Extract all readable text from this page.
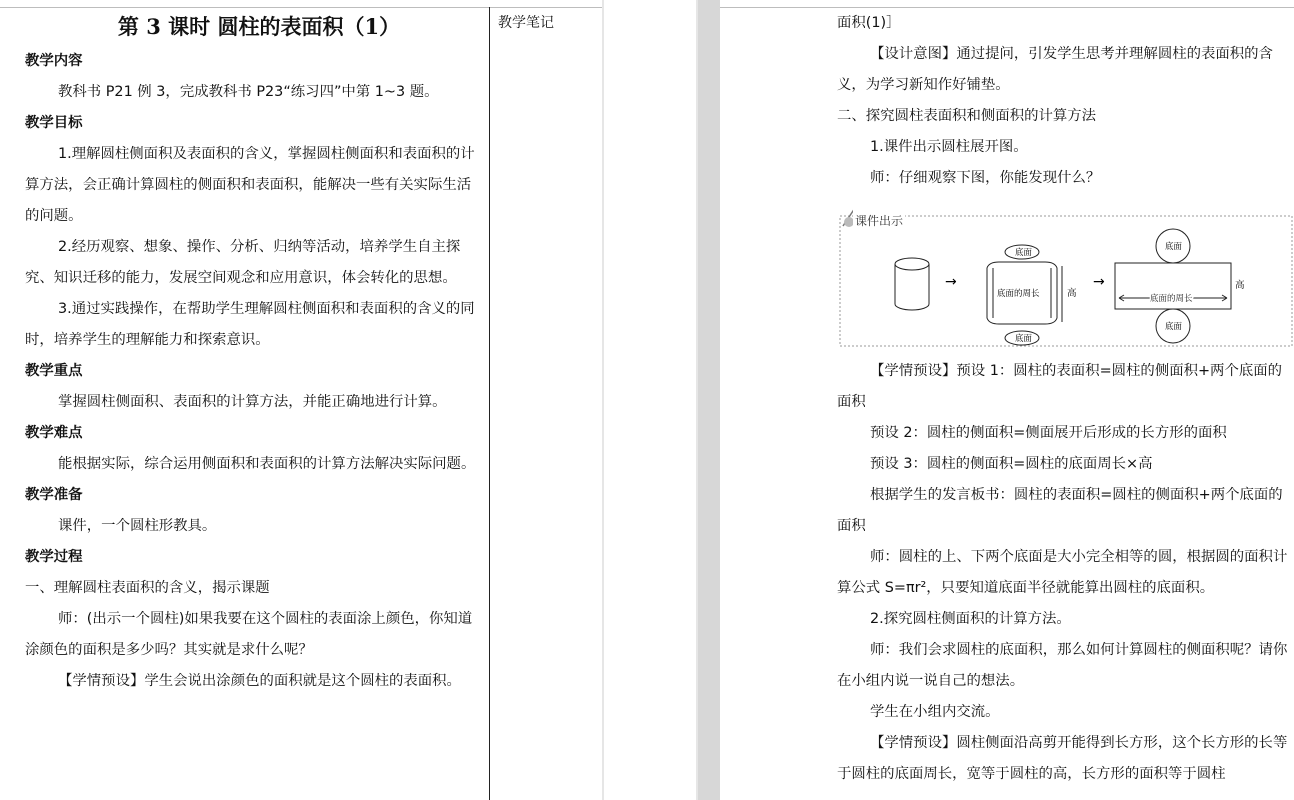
教学笔记
第 3 课时 圆柱的表面积（1）
教学内容
教科书 P21 例 3，完成教科书 P23“练习四”中第 1~3 题。
教学目标
1.理解圆柱侧面积及表面积的含义，掌握圆柱侧面积和表面积的计算方法，会正确计算圆柱的侧面积和表面积，能解决一些有关实际生活的问题。
2.经历观察、想象、操作、分析、归纳等活动，培养学生自主探究、知识迁移的能力，发展空间观念和应用意识，体会转化的思想。
3.通过实践操作，在帮助学生理解圆柱侧面积和表面积的含义的同时，培养学生的理解能力和探索意识。
教学重点
掌握圆柱侧面积、表面积的计算方法，并能正确地进行计算。
教学难点
能根据实际，综合运用侧面积和表面积的计算方法解决实际问题。
教学准备
课件，一个圆柱形教具。
教学过程
一、理解圆柱表面积的含义，揭示课题
师：(出示一个圆柱)如果我要在这个圆柱的表面涂上颜色，你知道涂颜色的面积是多少吗？其实就是求什么呢？
【学情预设】学生会说出涂颜色的面积就是这个圆柱的表面积。
面积(1)］
【设计意图】通过提问，引发学生思考并理解圆柱的表面积的含义，为学习新知作好铺垫。
二、探究圆柱表面积和侧面积的计算方法
1.课件出示圆柱展开图。
师：仔细观察下图，你能发现什么？
→
底面
底面
底面的周长	高
→
底面
底面
底面的周长
高
课件出示
【学情预设】预设 1：圆柱的表面积=圆柱的侧面积+两个底面的面积
预设 2：圆柱的侧面积=侧面展开后形成的长方形的面积
预设 3：圆柱的侧面积=圆柱的底面周长×高
根据学生的发言板书：圆柱的表面积=圆柱的侧面积+两个底面的面积
师：圆柱的上、下两个底面是大小完全相等的圆，根据圆的面积计算公式 S=πr²，只要知道底面半径就能算出圆柱的底面积。
2.探究圆柱侧面积的计算方法。
师：我们会求圆柱的底面积，那么如何计算圆柱的侧面积呢？请你在小组内说一说自己的想法。
学生在小组内交流。
【学情预设】圆柱侧面沿高剪开能得到长方形，这个长方形的长等于圆柱的底面周长，宽等于圆柱的高，长方形的面积等于圆柱
